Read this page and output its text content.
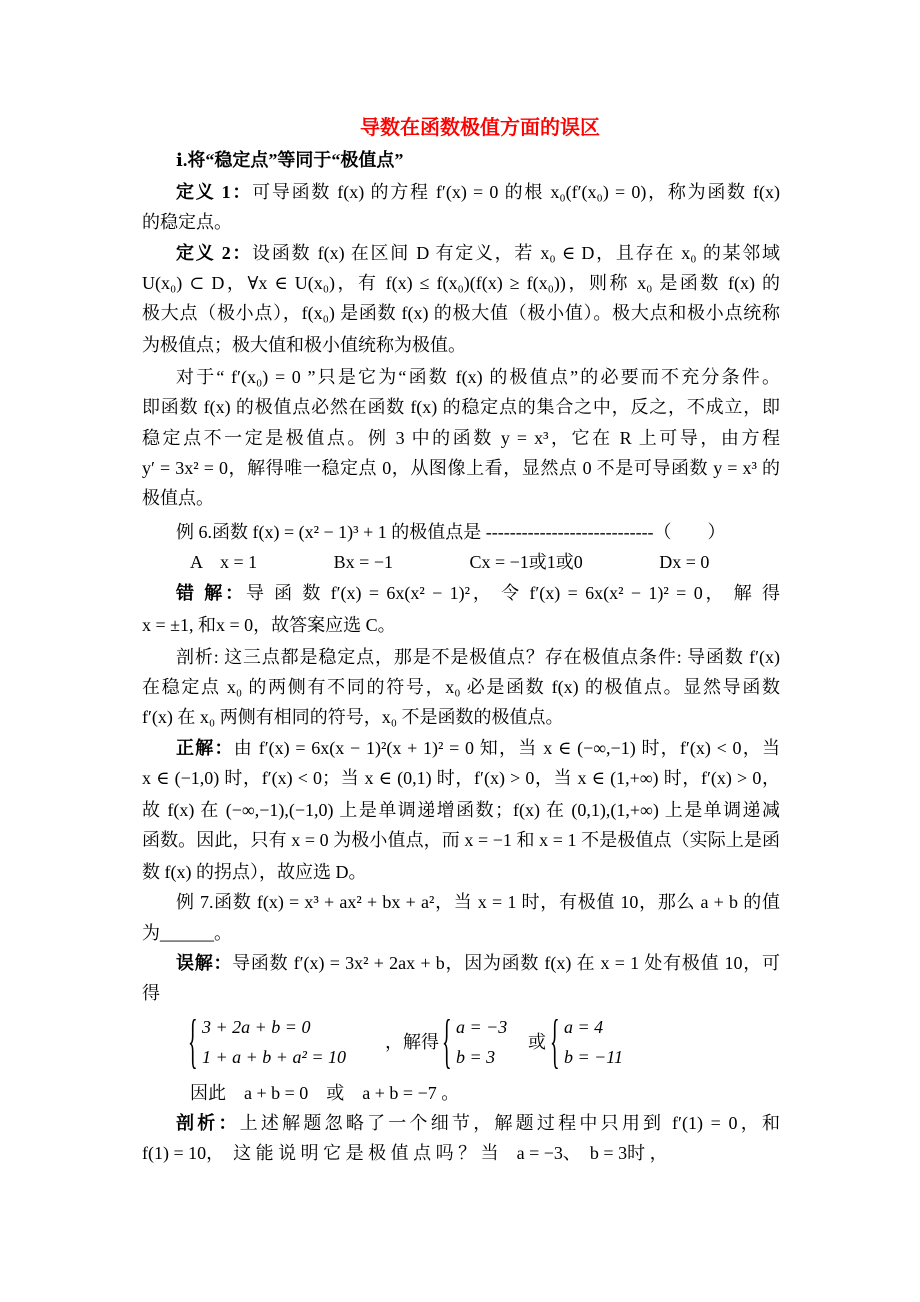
导数在函数极值方面的误区
ⅰ.将“稳定点”等同于“极值点”
定义 1：可导函数 f(x) 的方程 f′(x) = 0 的根 x₀(f′(x₀) = 0)，称为函数 f(x)
的稳定点。
定义 2：设函数 f(x) 在区间 D 有定义，若 x₀ ∈ D，且存在 x₀ 的某邻域
U(x₀) ⊂ D，∀x ∈ U(x₀)，有 f(x) ≤ f(x₀)(f(x) ≥ f(x₀))，则称 x₀ 是函数 f(x) 的
极大点（极小点），f(x₀) 是函数 f(x) 的极大值（极小值）。极大点和极小点统称
为极值点；极大值和极小值统称为极值。
对于“ f′(x₀) = 0 ”只是它为“函数 f(x) 的极值点”的必要而不充分条件。
即函数 f(x) 的极值点必然在函数 f(x) 的稳定点的集合之中，反之，不成立，即
稳定点不一定是极值点。例 3 中的函数 y = x³，它在 R 上可导，由方程
y′ = 3x² = 0，解得唯一稳定点 0，从图像上看，显然点 0 不是可导函数 y = x³ 的
极值点。
例 6.函数 f(x) = (x² − 1)³ + 1 的极值点是 ----------------------------（　　）
A　x = 1　　　　 Bx = −1　　　　 Cx = −1或1或0　　　　 Dx = 0
错 解：导 函 数 f′(x) = 6x(x² − 1)²， 令 f′(x) = 6x(x² − 1)² = 0， 解 得
x = ±1, 和x = 0，故答案应选 C。
剖析: 这三点都是稳定点，那是不是极值点？存在极值点条件: 导函数 f′(x)
在稳定点 x₀ 的两侧有不同的符号，x₀ 必是函数 f(x) 的极值点。显然导函数
f′(x) 在 x₀ 两侧有相同的符号，x₀ 不是函数的极值点。
正解：由 f′(x) = 6x(x − 1)²(x + 1)² = 0 知，当 x ∈ (−∞,−1) 时，f′(x) < 0，当
x ∈ (−1,0) 时，f′(x) < 0；当 x ∈ (0,1) 时，f′(x) > 0，当 x ∈ (1,+∞) 时，f′(x) > 0，
故 f(x) 在 (−∞,−1),(−1,0) 上是单调递增函数；f(x) 在 (0,1),(1,+∞) 上是单调递减
函数。因此，只有 x = 0 为极小值点，而 x = −1 和 x = 1 不是极值点（实际上是函
数 f(x) 的拐点），故应选 D。
例 7.函数 f(x) = x³ + ax² + bx + a²，当 x = 1 时，有极值 10，那么 a + b 的值
为______。
误解：导函数 f′(x) = 3x² + 2ax + b，因为函数 f(x) 在 x = 1 处有极值 10，可
得
{ 3 + 2a + b = 0
1 + a + b + a² = 10
，解得 { a = −3
b = 3
或 { a = 4
b = −11
因此　a + b = 0　或　a + b = −7 。
剖析：上述解题忽略了一个细节，解题过程中只用到 f′(1) = 0，和
f(1) = 10，　这 能 说 明 它 是 极 值 点 吗 ？ 当　a = −3、　b = 3时 ，
